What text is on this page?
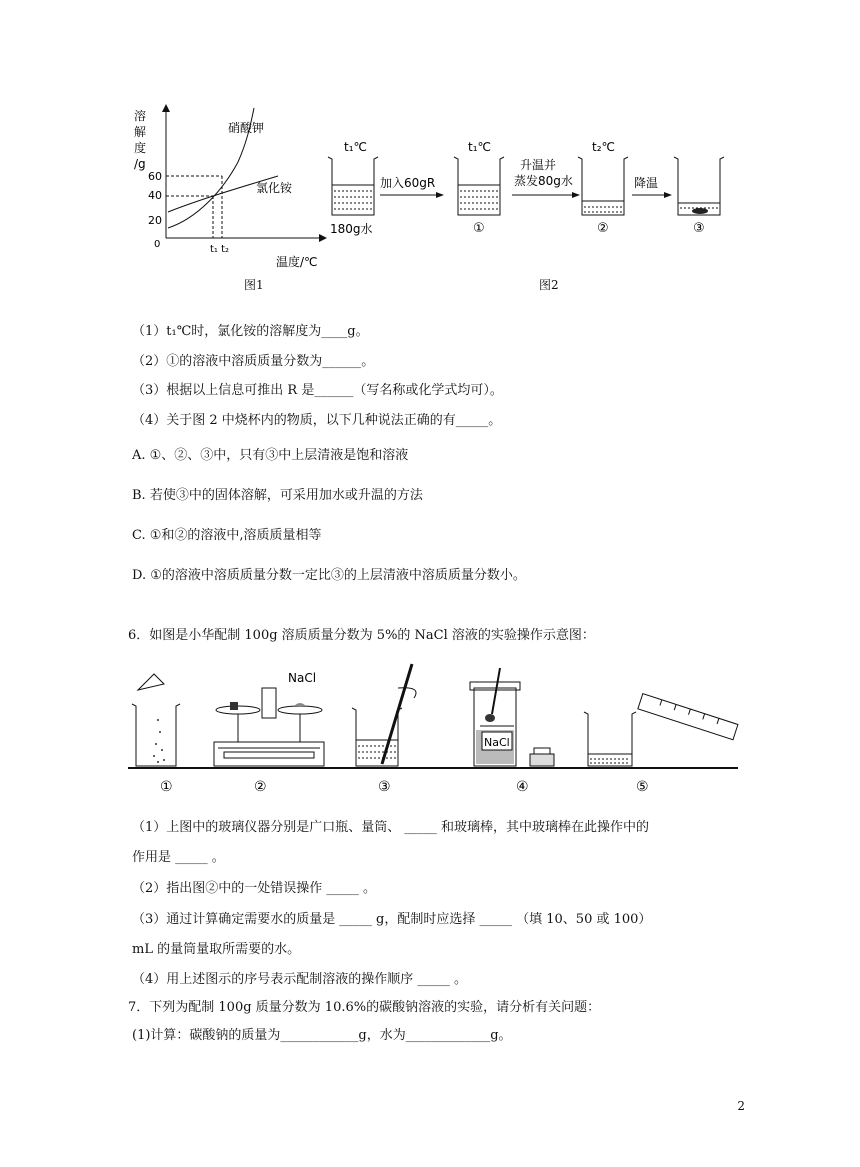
溶
解
度
/g
0
60
40
20
硝酸钾
氯化铵
t₁ t₂
温度/℃
图1
t₁℃
180g水
加入60gR
t₁℃
①
升温并
蒸发80g水
t₂℃
②
降温
③
图2
（1）t₁℃时，氯化铵的溶解度为____g。
（2）①的溶液中溶质质量分数为______。
（3）根据以上信息可推出 R 是______（写名称或化学式均可）。
（4）关于图 2 中烧杯内的物质，以下几种说法正确的有_____。
A. ①、②、③中，只有③中上层清液是饱和溶液
B. 若使③中的固体溶解，可采用加水或升温的方法
C. ①和②的溶液中,溶质质量相等
D. ①的溶液中溶质质量分数一定比③的上层清液中溶质质量分数小。
6．如图是小华配制 100g 溶质质量分数为 5%的 NaCl 溶液的实验操作示意图：
①
NaCl
②	③
NaCl
④	⑤
（1）上图中的玻璃仪器分别是广口瓶、量筒、 _____ 和玻璃棒，其中玻璃棒在此操作中的
作用是 _____ 。
（2）指出图②中的一处错误操作 _____ 。
（3）通过计算确定需要水的质量是 _____ g，配制时应选择 _____ （填 10、50 或 100）
mL 的量筒量取所需要的水。
（4）用上述图示的序号表示配制溶液的操作顺序 _____ 。
7．下列为配制 100g 质量分数为 10.6%的碳酸钠溶液的实验，请分析有关问题：
(1)计算：碳酸钠的质量为____________g，水为_____________g。
2
